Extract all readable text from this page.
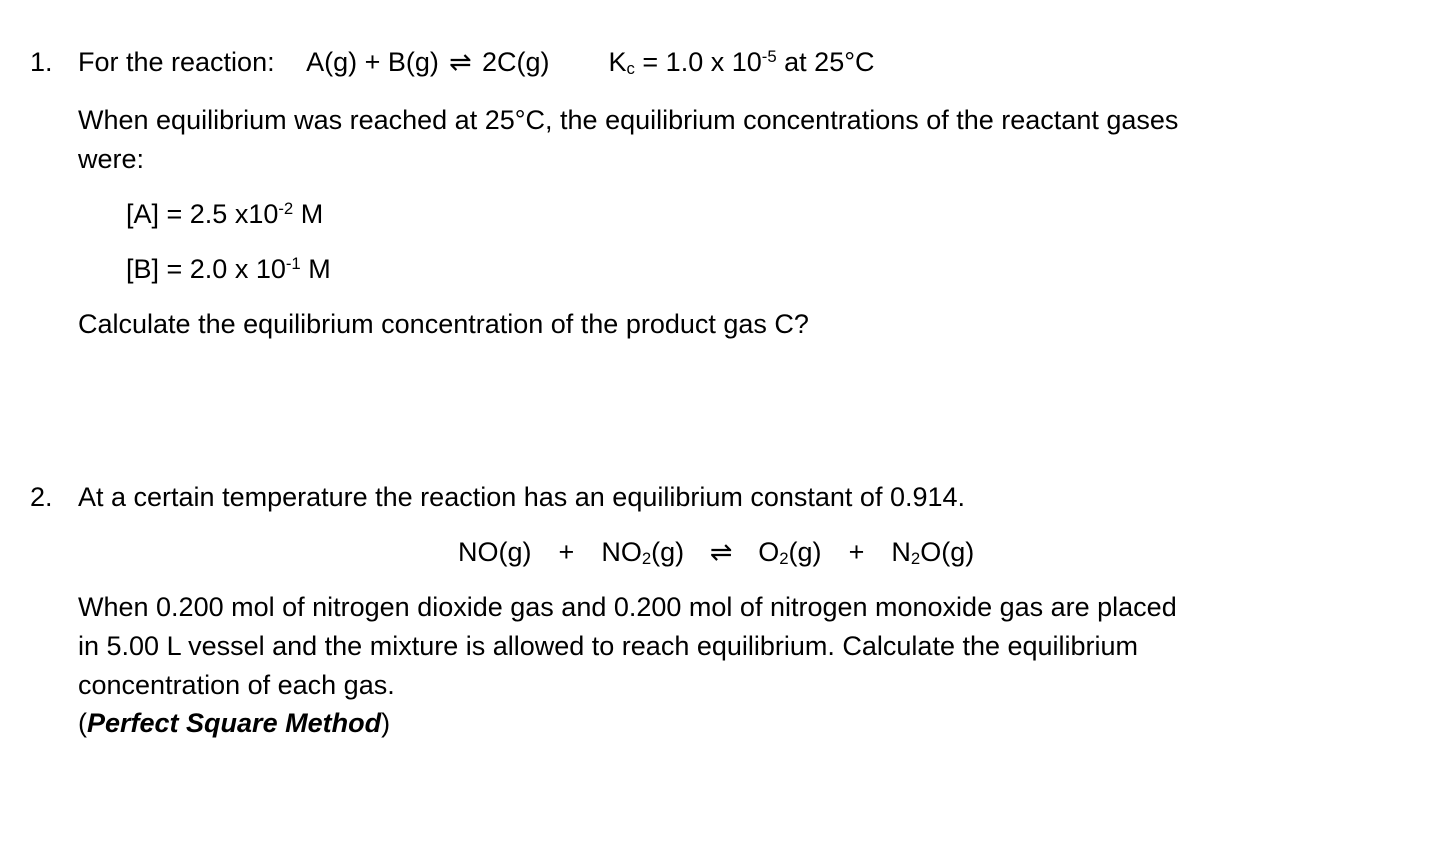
1. For the reaction: A(g) + B(g) ⇌ 2C(g) $K_c = 1.0$ x $10^{-5}$ at 25°C
When equilibrium was reached at 25°C, the equilibrium concentrations of the reactant gases
were:
[A] = 2.5 $x10^{-2}$ M
[B] = 2.0 x $10^{-1}$ M
Calculate the equilibrium concentration of the product gas C?
2. At a certain temperature the reaction has an equilibrium constant of 0.914.
$NO(g) + NO_2(g)$ ⇌ $O_2(g) + N_2O(g)$
When 0.200 mol of nitrogen dioxide gas and 0.200 mol of nitrogen monoxide gas are placed
in 5.00 L vessel and the mixture is allowed to reach equilibrium. Calculate the equilibrium
concentration of each gas.
(Perfect Square Method)
